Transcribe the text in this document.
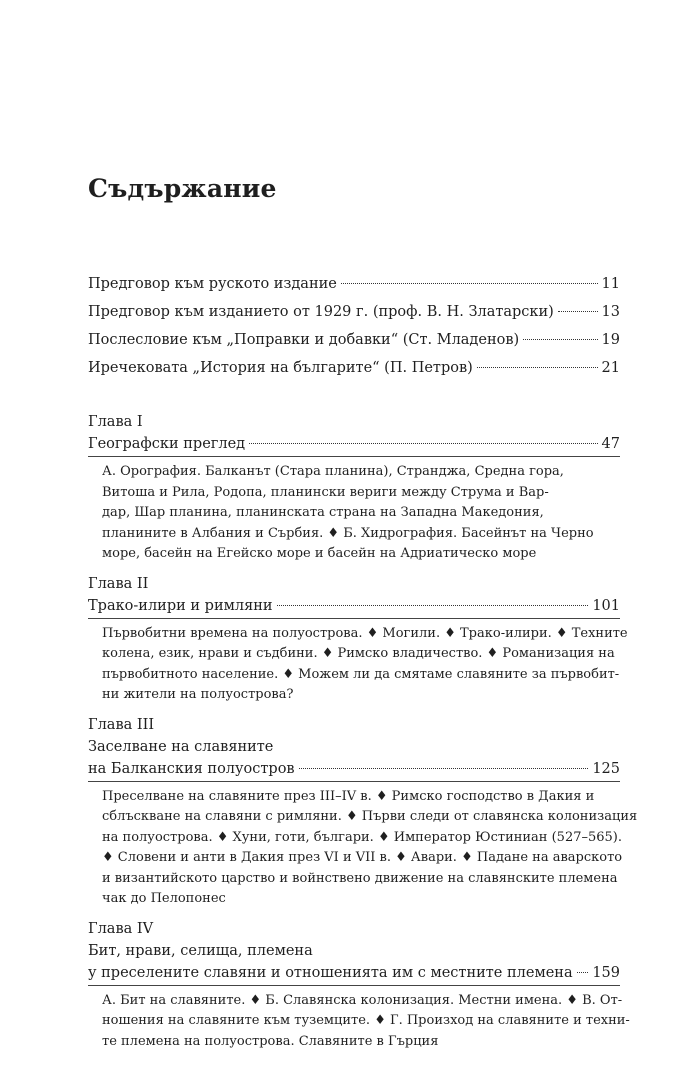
Съдържание
Предговор към руското издание	11
Предговор към изданието от 1929 г. (проф. В. Н. Златарски)	13
Послесловие към „Поправки и добавки“ (Ст. Младенов)	19
Иречековата „История на българите“ (П. Петров)	21
Глава I
Географски преглед	47
А. Орография. Балканът (Стара планина), Странджа, Средна гора,
Витоша и Рила, Родопа, планински вериги между Струма и Вар-
дар, Шар планина, планинската страна на Западна Македония,
планините в Албания и Сърбия. ♦ Б. Хидрография. Басейнът на Черно
море, басейн на Егейско море и басейн на Адриатическо море
Глава II
Трако-илири и римляни	101
Първобитни времена на полуострова. ♦ Могили. ♦ Трако-илири. ♦ Техните
колена, език, нрави и съдбини. ♦ Римско владичество. ♦ Романизация на
първобитното население. ♦ Можем ли да смятаме славяните за първобит-
ни жители на полуострова?
Глава III
Заселване на славяните
на Балканския полуостров	125
Преселване на славяните през III–IV в. ♦ Римско господство в Дакия и
сблъскване на славяни с римляни. ♦ Първи следи от славянска колонизация
на полуострова. ♦ Хуни, готи, българи. ♦ Император Юстиниан (527–565).
♦ Словени и анти в Дакия през VI и VII в. ♦ Авари. ♦ Падане на аварското
и византийското царство и войнствено движение на славянските племена
чак до Пелопонес
Глава IV
Бит, нрави, селища, племена
у преселените славяни и отношенията им с местните племена 159
А. Бит на славяните. ♦ Б. Славянска колонизация. Местни имена. ♦ В. От-
ношения на славяните към туземците. ♦ Г. Произход на славяните и техни-
те племена на полуострова. Славяните в Гърция
